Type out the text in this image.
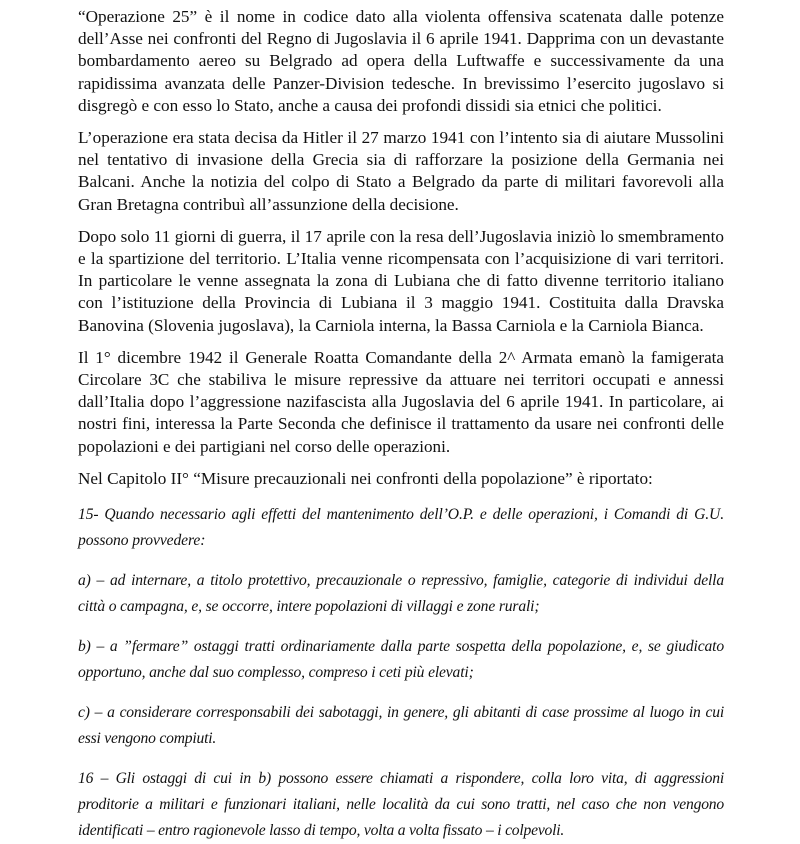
“Operazione 25” è il nome in codice dato alla violenta offensiva scatenata dalle potenze dell’Asse nei confronti del Regno di Jugoslavia il 6 aprile 1941. Dapprima con un devastante bombardamento aereo su Belgrado ad opera della Luftwaffe e successivamente da una rapidissima avanzata delle Panzer-Division tedesche. In brevissimo l’esercito jugoslavo si disgregò e con esso lo Stato, anche a causa dei profondi dissidi sia etnici che politici.

L’operazione era stata decisa da Hitler il 27 marzo 1941 con l’intento sia di aiutare Mussolini nel tentativo di invasione della Grecia sia di rafforzare la posizione della Germania nei Balcani. Anche la notizia del colpo di Stato a Belgrado da parte di militari favorevoli alla Gran Bretagna contribuì all’assunzione della decisione.

Dopo solo 11 giorni di guerra, il 17 aprile con la resa dell’Jugoslavia iniziò lo smembramento e la spartizione del territorio. L’Italia venne ricompensata con l’acquisizione di vari territori. In particolare le venne assegnata la zona di Lubiana che di fatto divenne territorio italiano con l’istituzione della Provincia di Lubiana il 3 maggio 1941. Costituita dalla Dravska Banovina (Slovenia jugoslava), la Carniola interna, la Bassa Carniola e la Carniola Bianca.

Il 1° dicembre 1942 il Generale Roatta Comandante della 2^ Armata emanò la famigerata Circolare 3C che stabiliva le misure repressive da attuare nei territori occupati e annessi dall’Italia dopo l’aggressione nazifascista alla Jugoslavia del 6 aprile 1941. In particolare, ai nostri fini, interessa la Parte Seconda che definisce il trattamento da usare nei confronti delle popolazioni e dei partigiani nel corso delle operazioni.

Nel Capitolo II° “Misure precauzionali nei confronti della popolazione” è riportato:

15- Quando necessario agli effetti del mantenimento dell’O.P. e delle operazioni, i Comandi di G.U. possono provvedere:

a) – ad internare, a titolo protettivo, precauzionale o repressivo, famiglie, categorie di individui della città o campagna, e, se occorre, intere popolazioni di villaggi e zone rurali;

b) – a ”fermare” ostaggi tratti ordinariamente dalla parte sospetta della popolazione, e, se giudicato opportuno, anche dal suo complesso, compreso i ceti più elevati;

c) – a considerare corresponsabili dei sabotaggi, in genere, gli abitanti di case prossime al luogo in cui essi vengono compiuti.

16 – Gli ostaggi di cui in b) possono essere chiamati a rispondere, colla loro vita, di aggressioni proditorie a militari e funzionari italiani, nelle località da cui sono tratti, nel caso che non vengono identificati – entro ragionevole lasso di tempo, volta a volta fissato – i colpevoli.
